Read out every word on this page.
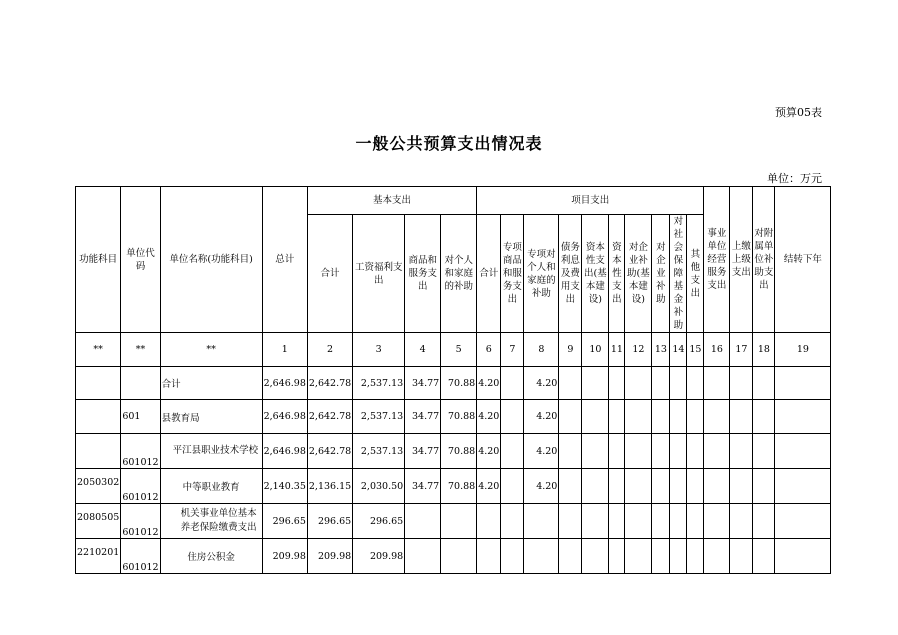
预算05表
一般公共预算支出情况表
单位：万元
功能科目	单位代码	单位名称(功能科目)	总计	基本支出				项目支出										事业单位经营服务支出	上缴上级支出	对附属单位补助支出	结转下年
				合计	工资福利支出	商品和服务支出	对个人和家庭的补助	合计	专项商品和服务支出	专项对个人和家庭的补助	债务利息及费用支出	资本性支出(基本建设)	资本性支出	对企业补助(基本建设)	对企业补助	对社会保障基金补助	其他支出				
**	**	**	1	2	3	4	5	6	7	8	9	10	11	12	13	14	15	16	17	18	19
		合计	2,646.98	2,642.78	2,537.13	34.77	70.88	4.20		4.20											
	601	县教育局	2,646.98	2,642.78	2,537.13	34.77	70.88	4.20		4.20											
	601012	平江县职业技术学校	2,646.98	2,642.78	2,537.13	34.77	70.88	4.20		4.20											
2050302	601012	中等职业教育	2,140.35	2,136.15	2,030.50	34.77	70.88	4.20		4.20											
2080505	601012	机关事业单位基本养老保险缴费支出	296.65	296.65	296.65																
2210201	601012	住房公积金	209.98	209.98	209.98																
